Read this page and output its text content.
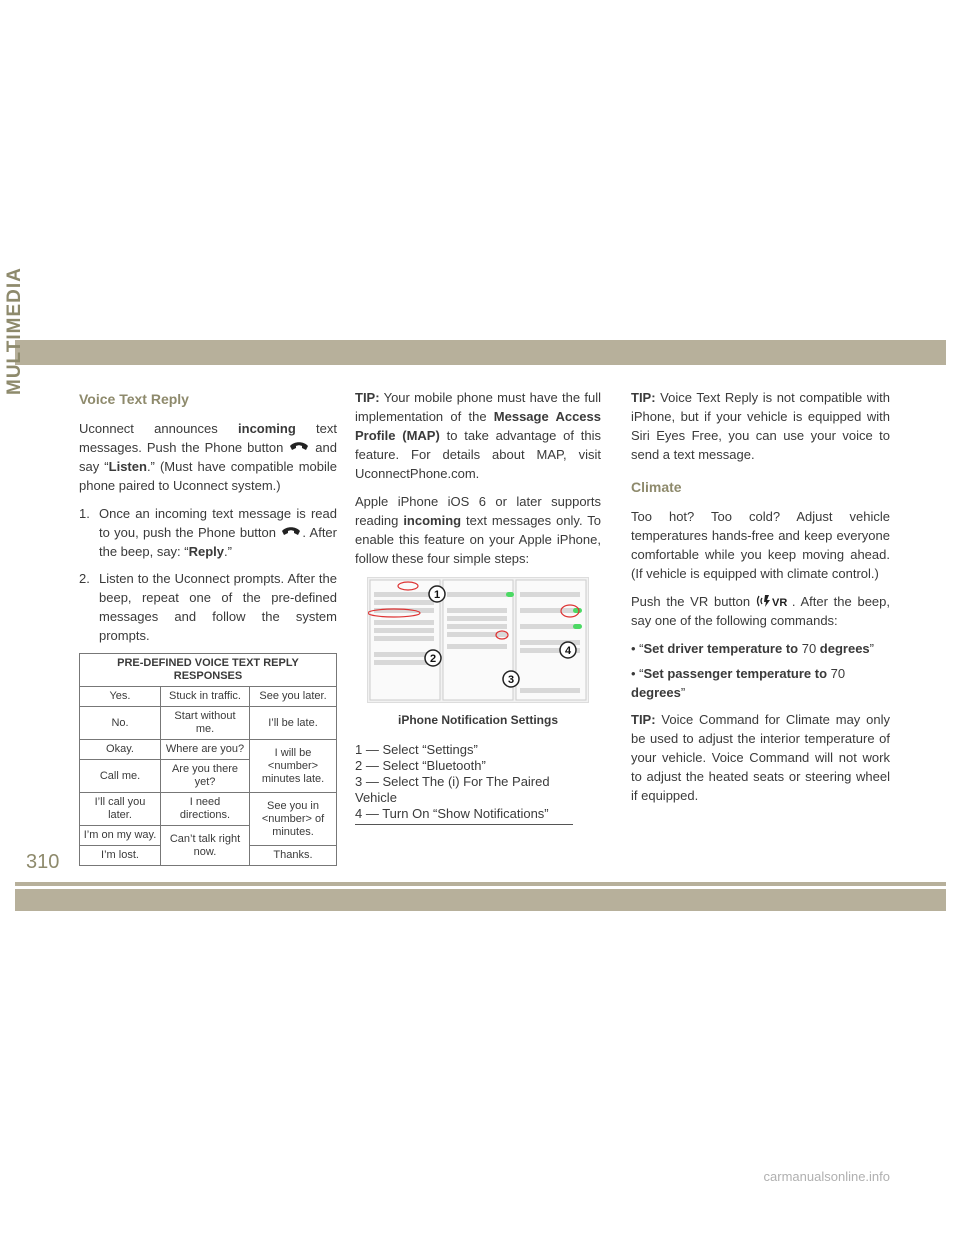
MULTIMEDIA
310
Voice Text Reply

Uconnect announces incoming text messages. Push the Phone button  and say “Listen.” (Must have compatible mobile phone paired to Uconnect system.)

1. Once an incoming text message is read to you, push the Phone button . After the beep, say: “Reply.”
2. Listen to the Uconnect prompts. After the beep, repeat one of the pre-defined messages and follow the system prompts.
PRE-DEFINED VOICE TEXT REPLY RESPONSES		
Yes.	Stuck in traffic.	See you later.
No.	Start without me.	I’ll be late.
Okay.	Where are you?	I will be <number> minutes late.
Call me.	Are you there yet?	
I’ll call you later.	I need directions.	See you in <number> of minutes.
I’m on my way.	Can’t talk right now.	
I’m lost.		Thanks.

TIP: Your mobile phone must have the full implementation of the Message Access Profile (MAP) to take advantage of this feature. For details about MAP, visit UconnectPhone.com.

Apple iPhone iOS 6 or later supports reading incoming text messages only. To enable this feature on your Apple iPhone, follow these four simple steps:

1
2
3
4
iPhone Notification Settings
1 — Select “Settings”
2 — Select “Bluetooth”
3 — Select The (i) For The Paired Vehicle
4 — Turn On “Show Notifications”

TIP: Voice Text Reply is not compatible with iPhone, but if your vehicle is equipped with Siri Eyes Free, you can use your voice to send a text message.

Climate

Too hot? Too cold? Adjust vehicle temperatures hands-free and keep everyone comfortable while you keep moving ahead. (If vehicle is equipped with climate control.)

Push the VR button VR . After the beep, say one of the following commands:

• “Set driver temperature to 70 degrees”
• “Set passenger temperature to 70 degrees”

TIP: Voice Command for Climate may only be used to adjust the interior temperature of your vehicle. Voice Command will not work to adjust the heated seats or steering wheel if equipped.

carmanualsonline.info
